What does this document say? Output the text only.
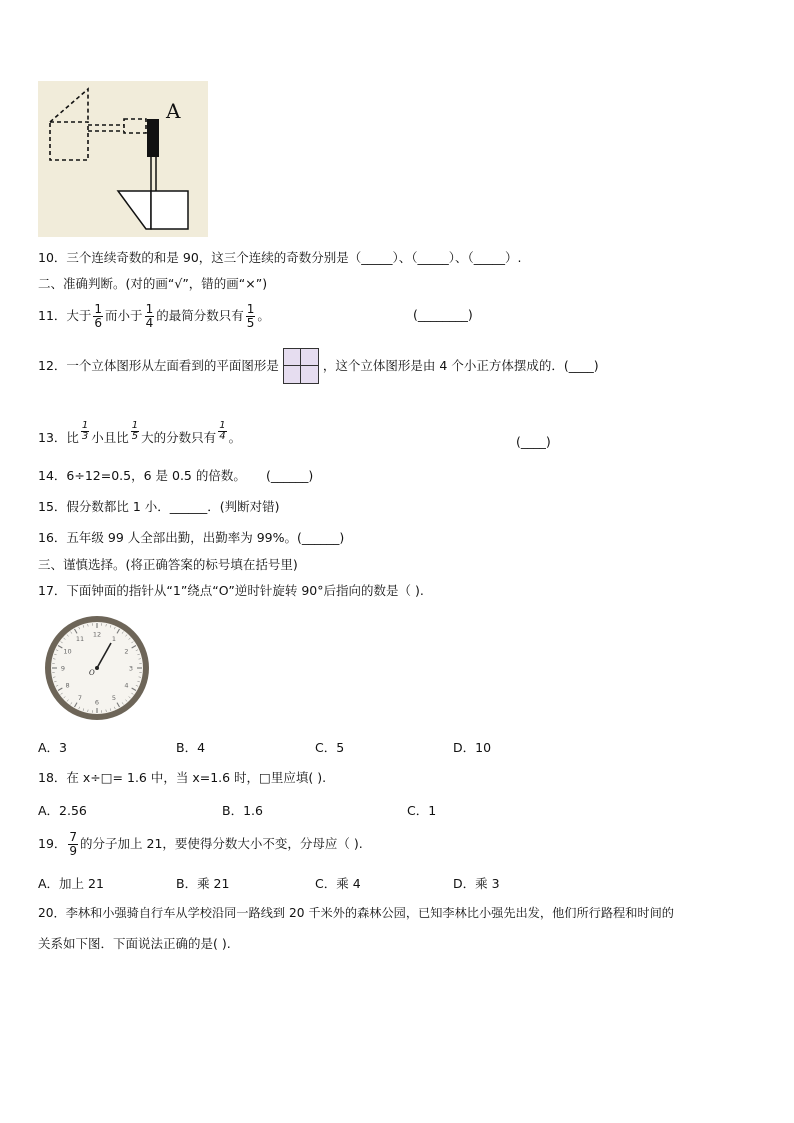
A
10．三个连续奇数的和是 90，这三个连续的奇数分别是（_____）、（_____）、（_____）.
二、准确判断。(对的画“√”，错的画“×”)
11．大于 $\frac{1}{6}$ 而小于 $\frac{1}{4}$ 的最简分数只有 $\frac{1}{5}$ 。	(________)
12．一个立体图形从左面看到的平面图形是	，这个立体图形是由 4 个小正方体摆成的．(____)
13．比 $\frac{1}{3}$ 小且比 $\frac{1}{5}$ 大的分数只有 $\frac{1}{4}$ 。	(____)
14．6÷12=0.5，6 是 0.5 的倍数。 (______)
15．假分数都比 1 小．______．(判断对错)
16．五年级 99 人全部出勤，出勤率为 99%。(______)
三、谨慎选择。(将正确答案的标号填在括号里)
17．下面钟面的指针从“1”绕点“O”逆时针旋转 90°后指向的数是（ ).
12
1
2
3
4
5
6
7
8
9
10
11
O
A．3	B．4	C．5	D．10
18．在 x÷□= 1.6 中，当 x=1.6 时，□里应填( ).
A．2.56	B．1.6	C．1
19． $\frac{7}{9}$ 的分子加上 21，要使得分数大小不变，分母应（ ).
A．加上 21	B．乘 21	C．乘 4	D．乘 3
20．李林和小强骑自行车从学校沿同一路线到 20 千米外的森林公园，已知李林比小强先出发，他们所行路程和时间的
关系如下图．下面说法正确的是( ).
